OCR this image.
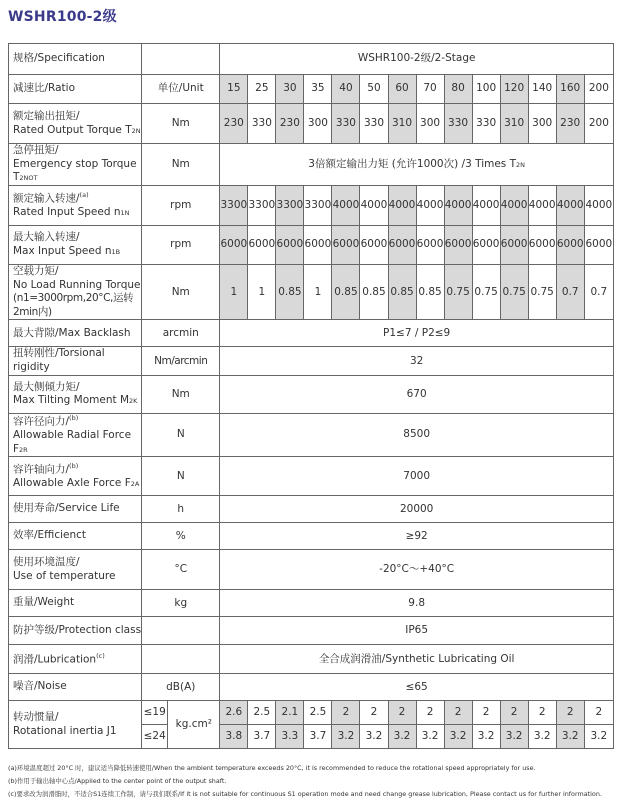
WSHR100-2级
规格/Specification			WSHR100-2级/2-Stage													
减速比/Ratio	单位/Unit		15	25	30	35	40	50	60	70	80	100	120	140	160	200
额定输出扭矩/
Rated Output Torque T2N	Nm		230	330	230	300	330	330	310	300	330	330	310	300	230	200
急停扭矩/
Emergency stop Torque T2NOT	Nm		3倍额定输出力矩 (允许1000次) /3 Times T2N													
额定输入转速/$^{(a)}$
Rated Input Speed n1N	rpm		3300	3300	3300	3300	4000	4000	4000	4000	4000	4000	4000	4000	4000	4000
最大输入转速/
Max Input Speed n1B	rpm		6000	6000	6000	6000	6000	6000	6000	6000	6000	6000	6000	6000	6000	6000
空载力矩/
No Load Running Torque
(n1=3000rpm,20°C,运转2min内)	Nm		1	1	0.85	1	0.85	0.85	0.85	0.85	0.75	0.75	0.75	0.75	0.7	0.7
最大背隙/Max Backlash	arcmin		P1≤7 / P2≤9													
扭转刚性/Torsional rigidity	Nm/arcmin		32													
最大侧倾力矩/
Max Tilting Moment M2K	Nm		670													
容许径向力/$^{(b)}$
Allowable Radial Force F2R	N		8500													
容许轴向力/$^{(b)}$
Allowable Axle Force F2A	N		7000													
使用寿命/Service Life	h		20000													
效率/Efficienct	%		≥92													
使用环境温度/
Use of temperature	°C		-20°C～+40°C													
重量/Weight	kg		9.8													
防护等级/Protection class			IP65													
润滑/Lubrication$^{(c)}$			全合成润滑油/Synthetic Lubricating Oil													
噪音/Noise	dB(A)		≤65													
转动惯量/
Rotational inertia J1	≤19	kg.cm²	2.6	2.5	2.1	2.5	2	2	2	2	2	2	2	2	2	2
	≤24		3.8	3.7	3.3	3.7	3.2	3.2	3.2	3.2	3.2	3.2	3.2	3.2	3.2	3.2
(a)环境温度超过 20°C 时，建议适当降低转速使用/When the ambient temperature exceeds 20°C, it is recommended to reduce the rotational speed appropriately for use.
(b)作用于输出轴中心点/Applied to the center point of the output shaft.
(c)要求改为润滑脂时，不适合S1连续工作制，请与我们联系/If it is not suitable for continuous S1 operation mode and need change grease lubrication, Please contact us for further information.
